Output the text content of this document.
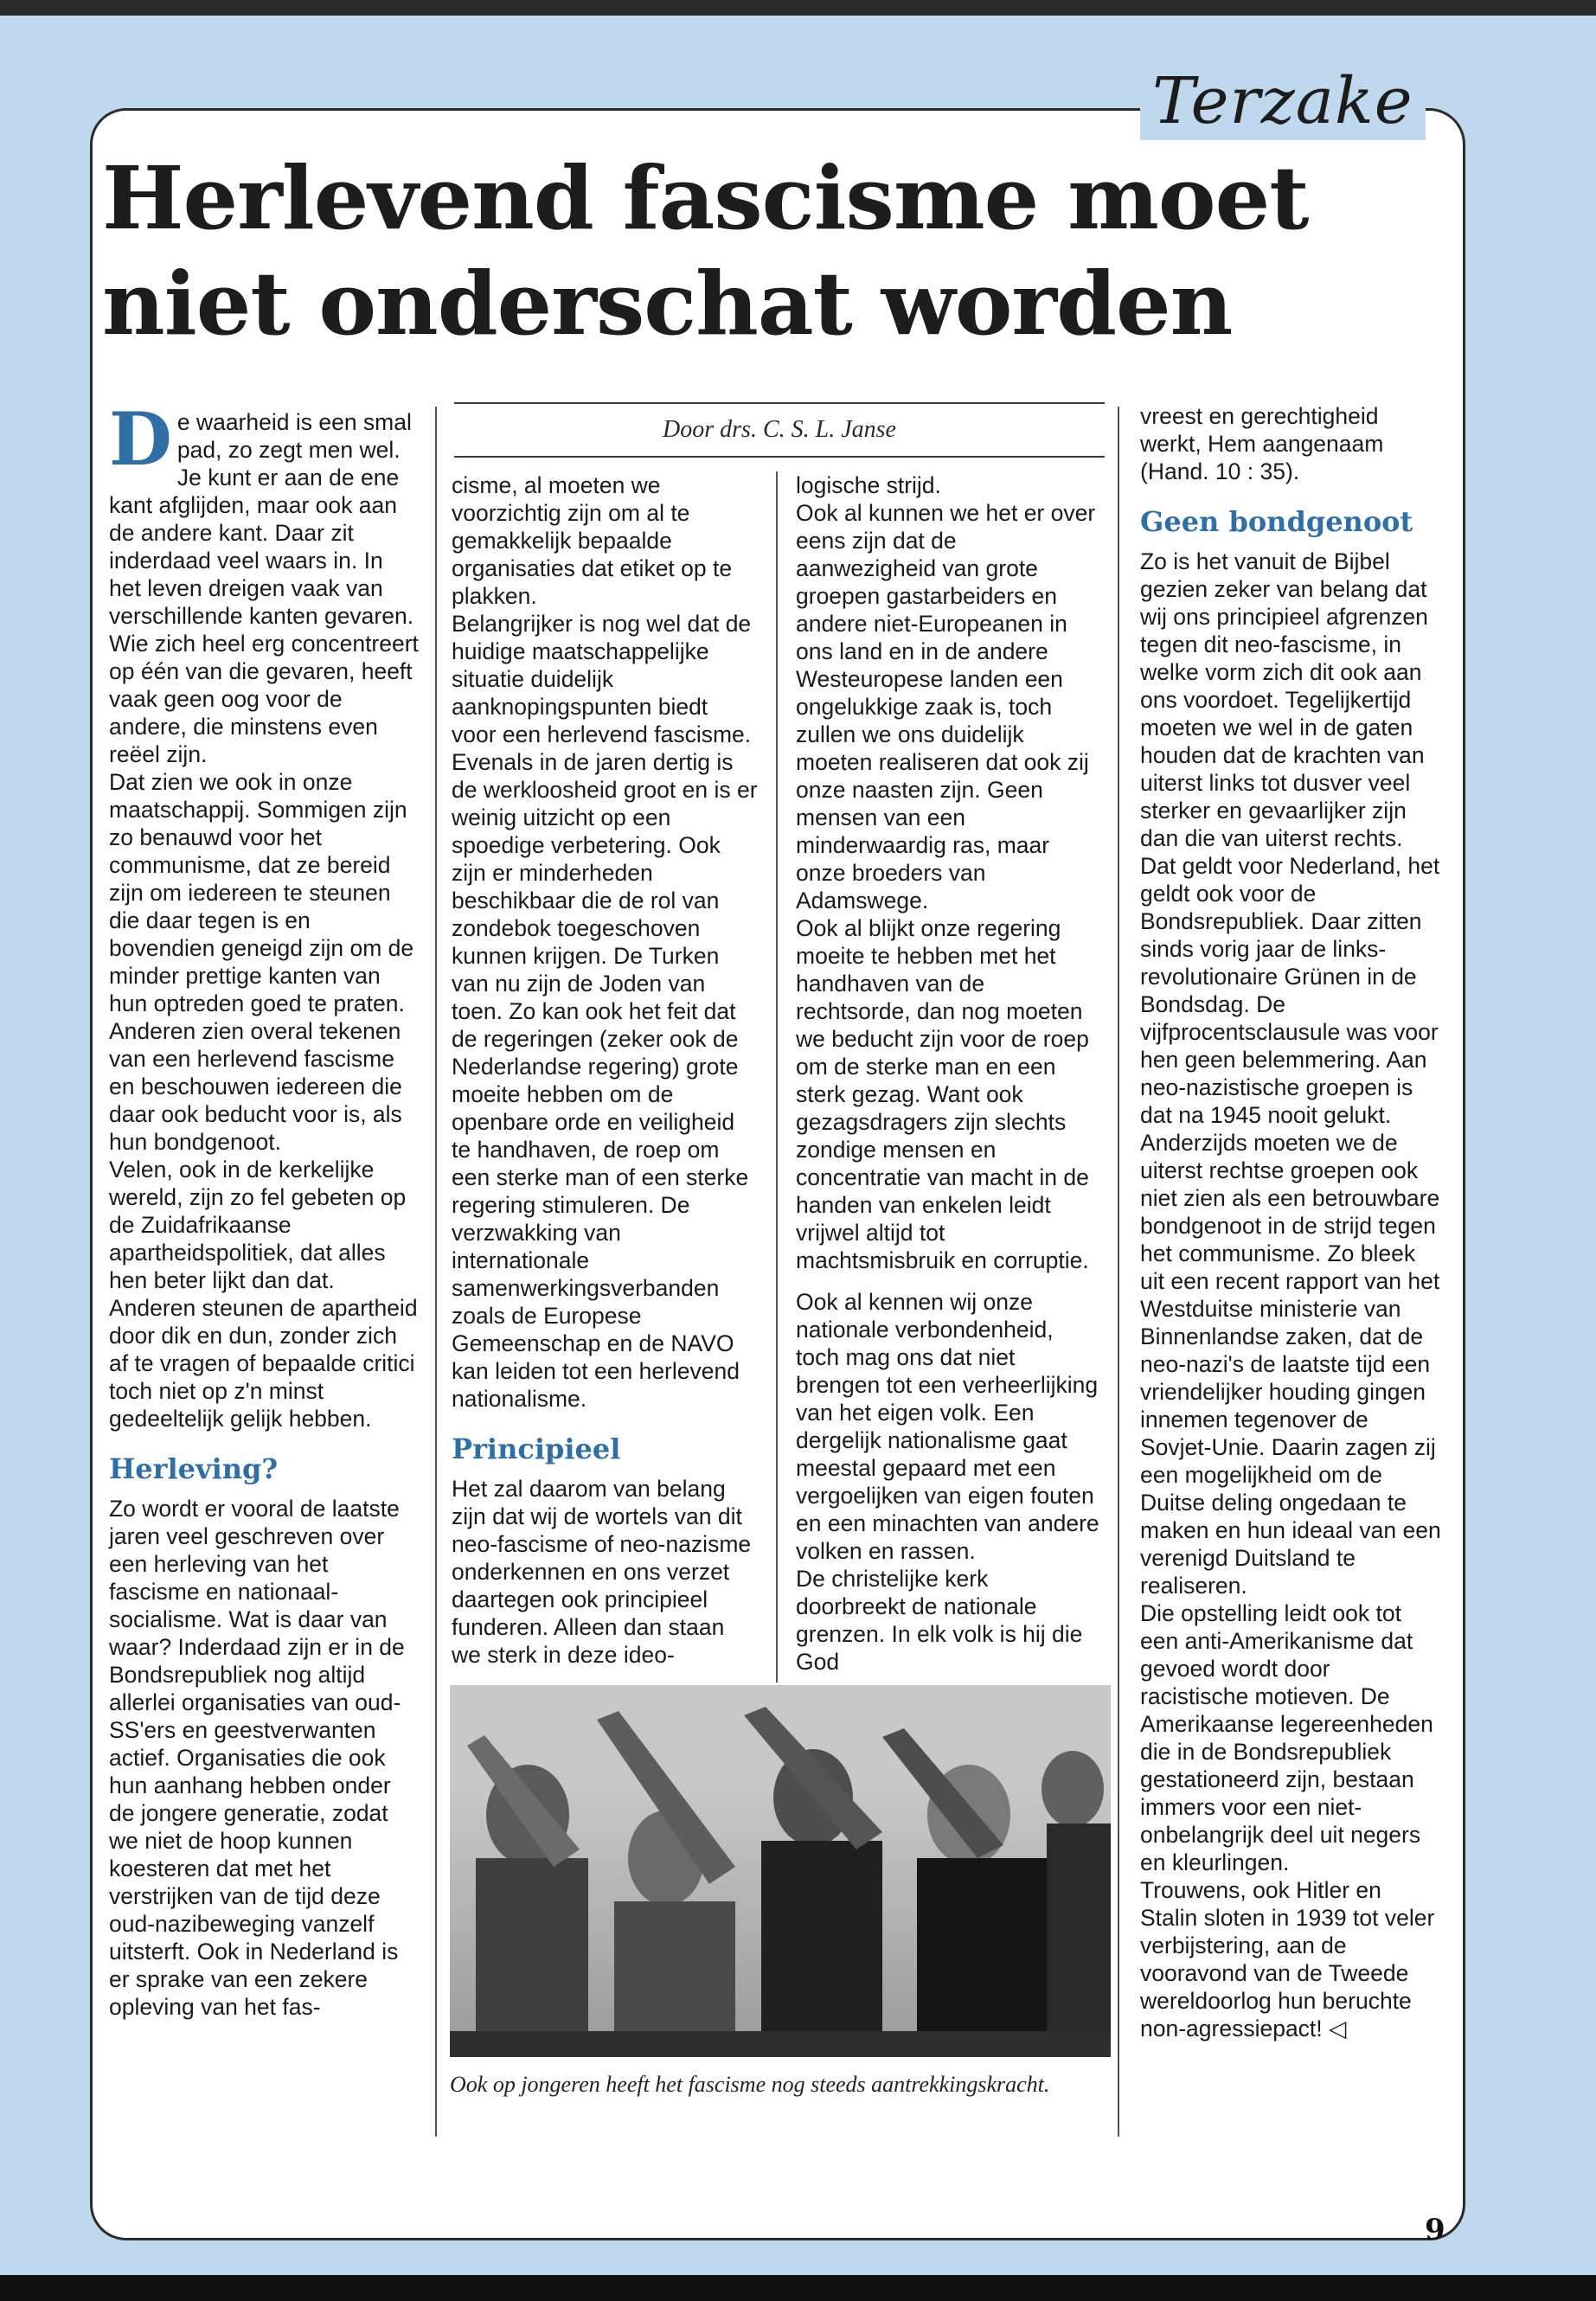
Terzake
Herlevend fascisme moet niet onderschat worden

De waarheid is een smal pad, zo zegt men wel. Je kunt er aan de ene kant afglijden, maar ook aan de andere kant. Daar zit inderdaad veel waars in. In het leven dreigen vaak van verschillende kanten gevaren. Wie zich heel erg concentreert op één van die gevaren, heeft vaak geen oog voor de andere, die minstens even reëel zijn.

Dat zien we ook in onze maatschappij. Sommigen zijn zo benauwd voor het communisme, dat ze bereid zijn om iedereen te steunen die daar tegen is en bovendien geneigd zijn om de minder prettige kanten van hun optreden goed te praten. Anderen zien overal tekenen van een herlevend fascisme en beschouwen iedereen die daar ook beducht voor is, als hun bondgenoot.

Velen, ook in de kerkelijke wereld, zijn zo fel gebeten op de Zuidafrikaanse apartheidspolitiek, dat alles hen beter lijkt dan dat. Anderen steunen de apartheid door dik en dun, zonder zich af te vragen of bepaalde critici toch niet op z'n minst gedeeltelijk gelijk hebben.

Herleving?

Zo wordt er vooral de laatste jaren veel geschreven over een herleving van het fascisme en nationaal-socialisme. Wat is daar van waar? Inderdaad zijn er in de Bondsrepubliek nog altijd allerlei organisaties van oud-SS'ers en geestverwanten actief. Organisaties die ook hun aanhang hebben onder de jongere generatie, zodat we niet de hoop kunnen koesteren dat met het verstrijken van de tijd deze oud-nazibeweging vanzelf uitsterft. Ook in Nederland is er sprake van een zekere opleving van het fas-

Door drs. C. S. L. Janse

cisme, al moeten we voorzichtig zijn om al te gemakkelijk bepaalde organisaties dat etiket op te plakken.

Belangrijker is nog wel dat de huidige maatschappelijke situatie duidelijk aanknopingspunten biedt voor een herlevend fascisme. Evenals in de jaren dertig is de werkloosheid groot en is er weinig uitzicht op een spoedige verbetering. Ook zijn er minderheden beschikbaar die de rol van zondebok toegeschoven kunnen krijgen. De Turken van nu zijn de Joden van toen. Zo kan ook het feit dat de regeringen (zeker ook de Nederlandse regering) grote moeite hebben om de openbare orde en veiligheid te handhaven, de roep om een sterke man of een sterke regering stimuleren. De verzwakking van internationale samenwerkingsverbanden zoals de Europese Gemeenschap en de NAVO kan leiden tot een herlevend nationalisme.

Principieel

Het zal daarom van belang zijn dat wij de wortels van dit neo-fascisme of neo-nazisme onderkennen en ons verzet daartegen ook principieel funderen. Alleen dan staan we sterk in deze ideo-

logische strijd.

Ook al kunnen we het er over eens zijn dat de aanwezigheid van grote groepen gastarbeiders en andere niet-Europeanen in ons land en in de andere Westeuropese landen een ongelukkige zaak is, toch zullen we ons duidelijk moeten realiseren dat ook zij onze naasten zijn. Geen mensen van een minderwaardig ras, maar onze broeders van Adamswege.

Ook al blijkt onze regering moeite te hebben met het handhaven van de rechtsorde, dan nog moeten we beducht zijn voor de roep om de sterke man en een sterk gezag. Want ook gezagsdragers zijn slechts zondige mensen en concentratie van macht in de handen van enkelen leidt vrijwel altijd tot machtsmisbruik en corruptie.

Ook al kennen wij onze nationale verbondenheid, toch mag ons dat niet brengen tot een verheerlijking van het eigen volk. Een dergelijk nationalisme gaat meestal gepaard met een vergoelijken van eigen fouten en een minachten van andere volken en rassen.

De christelijke kerk doorbreekt de nationale grenzen. In elk volk is hij die God

vreest en gerechtigheid werkt, Hem aangenaam (Hand. 10 : 35).

Geen bondgenoot

Zo is het vanuit de Bijbel gezien zeker van belang dat wij ons principieel afgrenzen tegen dit neo-fascisme, in welke vorm zich dit ook aan ons voordoet. Tegelijkertijd moeten we wel in de gaten houden dat de krachten van uiterst links tot dusver veel sterker en gevaarlijker zijn dan die van uiterst rechts. Dat geldt voor Nederland, het geldt ook voor de Bondsrepubliek. Daar zitten sinds vorig jaar de links-revolutionaire Grünen in de Bondsdag. De vijfprocentsclausule was voor hen geen belemmering. Aan neo-nazistische groepen is dat na 1945 nooit gelukt.

Anderzijds moeten we de uiterst rechtse groepen ook niet zien als een betrouwbare bondgenoot in de strijd tegen het communisme. Zo bleek uit een recent rapport van het Westduitse ministerie van Binnenlandse zaken, dat de neo-nazi's de laatste tijd een vriendelijker houding gingen innemen tegenover de Sovjet-Unie. Daarin zagen zij een mogelijkheid om de Duitse deling ongedaan te maken en hun ideaal van een verenigd Duitsland te realiseren.

Die opstelling leidt ook tot een anti-Amerikanisme dat gevoed wordt door racistische motieven. De Amerikaanse legereenheden die in de Bondsrepubliek gestationeerd zijn, bestaan immers voor een niet-onbelangrijk deel uit negers en kleurlingen.

Trouwens, ook Hitler en Stalin sloten in 1939 tot veler verbijstering, aan de vooravond van de Tweede wereldoorlog hun beruchte non-agressiepact! ◁

Ook op jongeren heeft het fascisme nog steeds aantrekkingskracht.
9
